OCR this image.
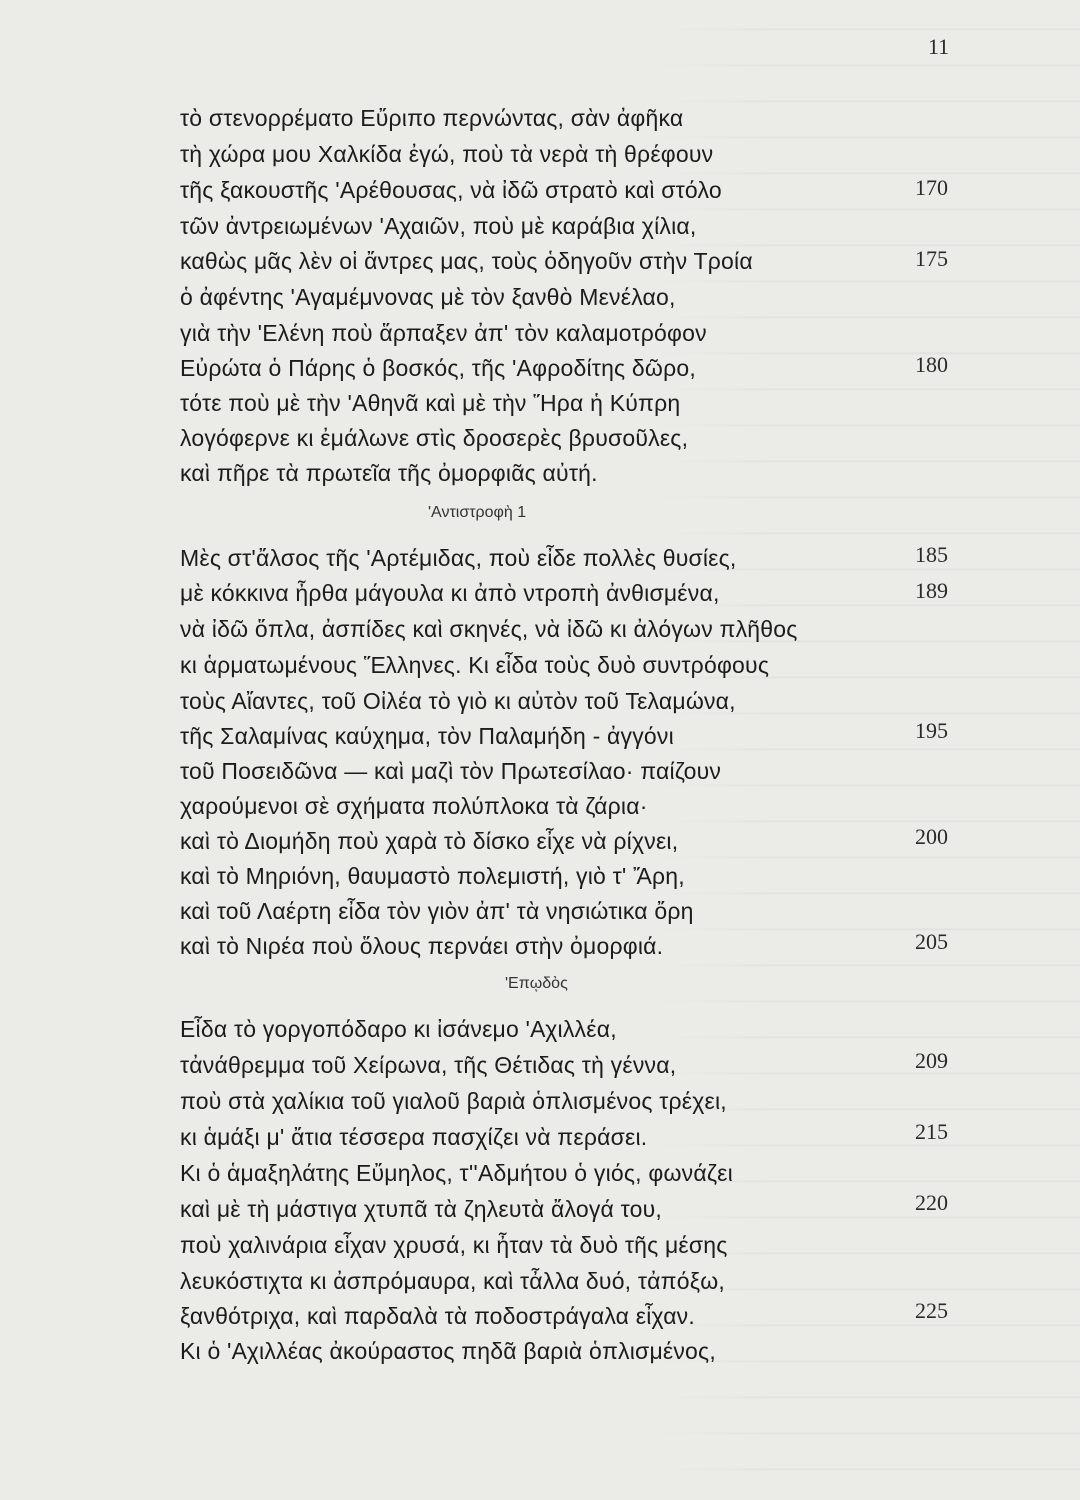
11
τὸ στενορρέματο Εὔριπο περνώντας, σὰν ἀφῆκα
τὴ χώρα μου Χαλκίδα ἐγώ, ποὺ τὰ νερὰ τὴ θρέφουν
τῆς ξακουστῆς 'Αρέθουσας, νὰ ἰδῶ στρατὸ καὶ στόλο
τῶν ἀντρειωμένων 'Αχαιῶν, ποὺ μὲ καράβια χίλια,
καθὼς μᾶς λὲν οἱ ἄντρες μας, τοὺς ὁδηγοῦν στὴν Τροία
ὁ ἀφέντης 'Αγαμέμνονας μὲ τὸν ξανθὸ Μενέλαο,
γιὰ τὴν 'Ελένη ποὺ ἅρπαξεν ἀπ' τὸν καλαμοτρόφον
Εὐρώτα ὁ Πάρης ὁ βοσκός, τῆς 'Αφροδίτης δῶρο,
τότε ποὺ μὲ τὴν 'Αθηνᾶ καὶ μὲ τὴν Ἥρα ἡ Κύπρη
λογόφερνε κι ἐμάλωνε στὶς δροσερὲς βρυσοῦλες,
καὶ πῆρε τὰ πρωτεῖα τῆς ὀμορφιᾶς αὐτή.
170
175
180
'Αντιστροφὴ 1
Μὲς στ'ἄλσος τῆς 'Αρτέμιδας, ποὺ εἶδε πολλὲς θυσίες,
μὲ κόκκινα ἦρθα μάγουλα κι ἀπὸ ντροπὴ ἀνθισμένα,
νὰ ἰδῶ ὅπλα, ἀσπίδες καὶ σκηνές, νὰ ἰδῶ κι ἀλόγων πλῆθος
κι ἁρματωμένους Ἕλληνες. Κι εἶδα τοὺς δυὸ συντρόφους
τοὺς Αἴαντες, τοῦ Οἰλέα τὸ γιὸ κι αὐτὸν τοῦ Τελαμώνα,
τῆς Σαλαμίνας καύχημα, τὸν Παλαμήδη - ἀγγόνι
τοῦ Ποσειδῶνα — καὶ μαζὶ τὸν Πρωτεσίλαο· παίζουν
χαρούμενοι σὲ σχήματα πολύπλοκα τὰ ζάρια·
καὶ τὸ Διομήδη ποὺ χαρὰ τὸ δίσκο εἶχε νὰ ρίχνει,
καὶ τὸ Μηριόνη, θαυμαστὸ πολεμιστή, γιὸ τ' Ἄρη,
καὶ τοῦ Λαέρτη εἶδα τὸν γιὸν ἀπ' τὰ νησιώτικα ὄρη
καὶ τὸ Νιρέα ποὺ ὅλους περνάει στὴν ὀμορφιά.
185
189
195
200
205
'Επῳδὸς
Εἶδα τὸ γοργοπόδαρο κι ἰσάνεμο 'Αχιλλέα,
τἀνάθρεμμα τοῦ Χείρωνα, τῆς Θέτιδας τὴ γέννα,
ποὺ στὰ χαλίκια τοῦ γιαλοῦ βαριὰ ὁπλισμένος τρέχει,
κι ἁμάξι μ' ἄτια τέσσερα πασχίζει νὰ περάσει.
Κι ὁ ἁμαξηλάτης Εὔμηλος, τ''Αδμήτου ὁ γιός, φωνάζει
καὶ μὲ τὴ μάστιγα χτυπᾶ τὰ ζηλευτὰ ἄλογά του,
ποὺ χαλινάρια εἶχαν χρυσά, κι ἦταν τὰ δυὸ τῆς μέσης
λευκόστιχτα κι ἀσπρόμαυρα, καὶ τἆλλα δυό, τἀπόξω,
ξανθότριχα, καὶ παρδαλὰ τὰ ποδοστράγαλα εἶχαν.
Κι ὁ 'Αχιλλέας ἀκούραστος πηδᾶ βαριὰ ὁπλισμένος,
209
215
220
225
